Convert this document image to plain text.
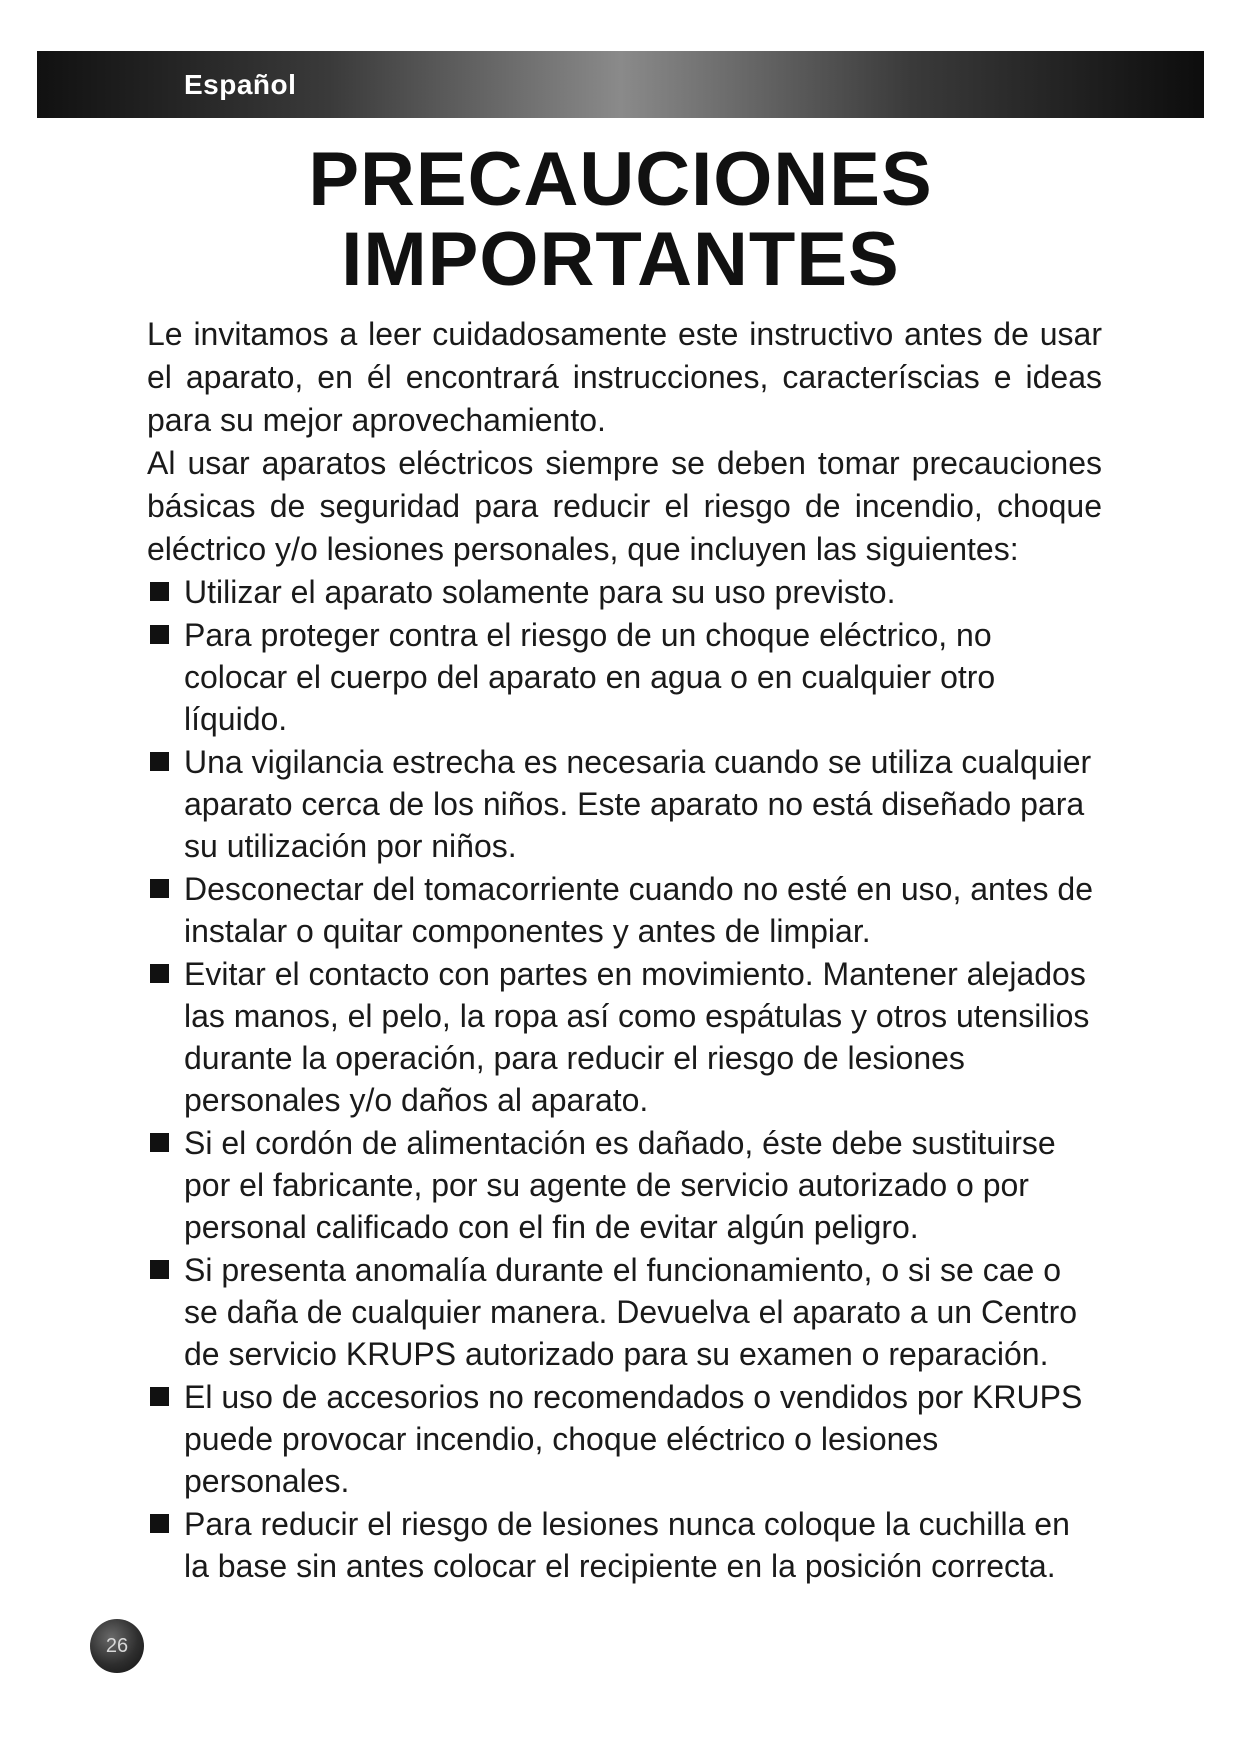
Español
PRECAUCIONES
IMPORTANTES

Le invitamos a leer cuidadosamente este instructivo antes de usar el aparato, en él encontrará instrucciones, caracteríscias e ideas para su mejor aprovechamiento.

Al usar aparatos eléctricos siempre se deben tomar precauciones básicas de seguridad para reducir el riesgo de incendio, choque eléctrico y/o lesiones personales, que incluyen las siguientes:

Utilizar el aparato solamente para su uso previsto.
Para proteger contra el riesgo de un choque eléctrico, no colocar el cuerpo del aparato en agua o en cualquier otro líquido.
Una vigilancia estrecha es necesaria cuando se utiliza cualquier aparato cerca de los niños. Este aparato no está diseñado para su utilización por niños.
Desconectar del tomacorriente cuando no esté en uso, antes de instalar o quitar componentes y antes de limpiar.
Evitar el contacto con partes en movimiento. Mantener alejados las manos, el pelo, la ropa así como espátulas y otros utensilios durante la operación, para reducir el riesgo de lesiones personales y/o daños al aparato.
Si el cordón de alimentación es dañado, éste debe sustituirse por el fabricante, por su agente de servicio autorizado o por personal calificado con el fin de evitar algún peligro.
Si presenta anomalía durante el funcionamiento, o si se cae o se daña de cualquier manera. Devuelva el aparato a un Centro de servicio KRUPS autorizado para su examen o reparación.
El uso de accesorios no recomendados o vendidos por KRUPS puede provocar incendio, choque eléctrico o lesiones personales.
Para reducir el riesgo de lesiones nunca coloque la cuchilla en la base sin antes colocar el recipiente en la posición correcta.
26
